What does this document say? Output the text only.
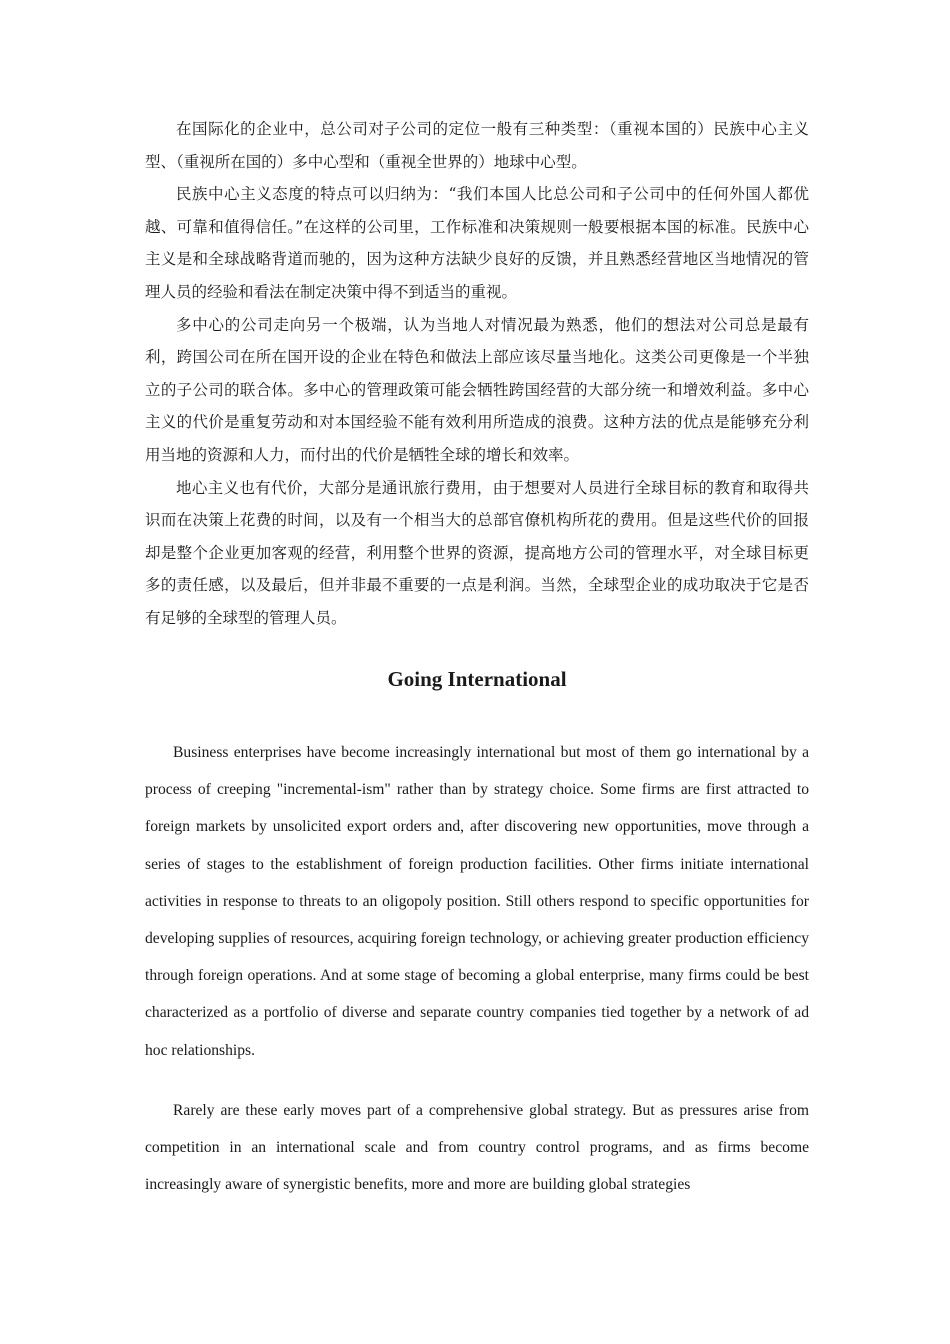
在国际化的企业中，总公司对子公司的定位一般有三种类型：（重视本国的）民族中心主义型、（重视所在国的）多中心型和（重视全世界的）地球中心型。

民族中心主义态度的特点可以归纳为：“我们本国人比总公司和子公司中的任何外国人都优越、可靠和值得信任。”在这样的公司里，工作标准和决策规则一般要根据本国的标准。民族中心主义是和全球战略背道而驰的，因为这种方法缺少良好的反馈，并且熟悉经营地区当地情况的管理人员的经验和看法在制定决策中得不到适当的重视。

多中心的公司走向另一个极端，认为当地人对情况最为熟悉，他们的想法对公司总是最有利，跨国公司在所在国开设的企业在特色和做法上部应该尽量当地化。这类公司更像是一个半独立的子公司的联合体。多中心的管理政策可能会牺牲跨国经营的大部分统一和增效利益。多中心主义的代价是重复劳动和对本国经验不能有效利用所造成的浪费。这种方法的优点是能够充分利用当地的资源和人力，而付出的代价是牺牲全球的增长和效率。

地心主义也有代价，大部分是通讯旅行费用，由于想要对人员进行全球目标的教育和取得共识而在决策上花费的时间，以及有一个相当大的总部官僚机构所花的费用。但是这些代价的回报却是整个企业更加客观的经营，利用整个世界的资源，提高地方公司的管理水平，对全球目标更多的责任感，以及最后，但并非最不重要的一点是利润。当然，全球型企业的成功取决于它是否有足够的全球型的管理人员。

Going International

Business enterprises have become increasingly international but most of them go international by a process of creeping "incremental-ism" rather than by strategy choice. Some firms are first attracted to foreign markets by unsolicited export orders and, after discovering new opportunities, move through a series of stages to the establishment of foreign production facilities. Other firms initiate international activities in response to threats to an oligopoly position. Still others respond to specific opportunities for developing supplies of resources, acquiring foreign technology, or achieving greater production efficiency through foreign operations. And at some stage of becoming a global enterprise, many firms could be best characterized as a portfolio of diverse and separate country companies tied together by a network of ad hoc relationships.

Rarely are these early moves part of a comprehensive global strategy. But as pressures arise from competition in an international scale and from country control programs, and as firms become increasingly aware of synergistic benefits, more and more are building global strategies
